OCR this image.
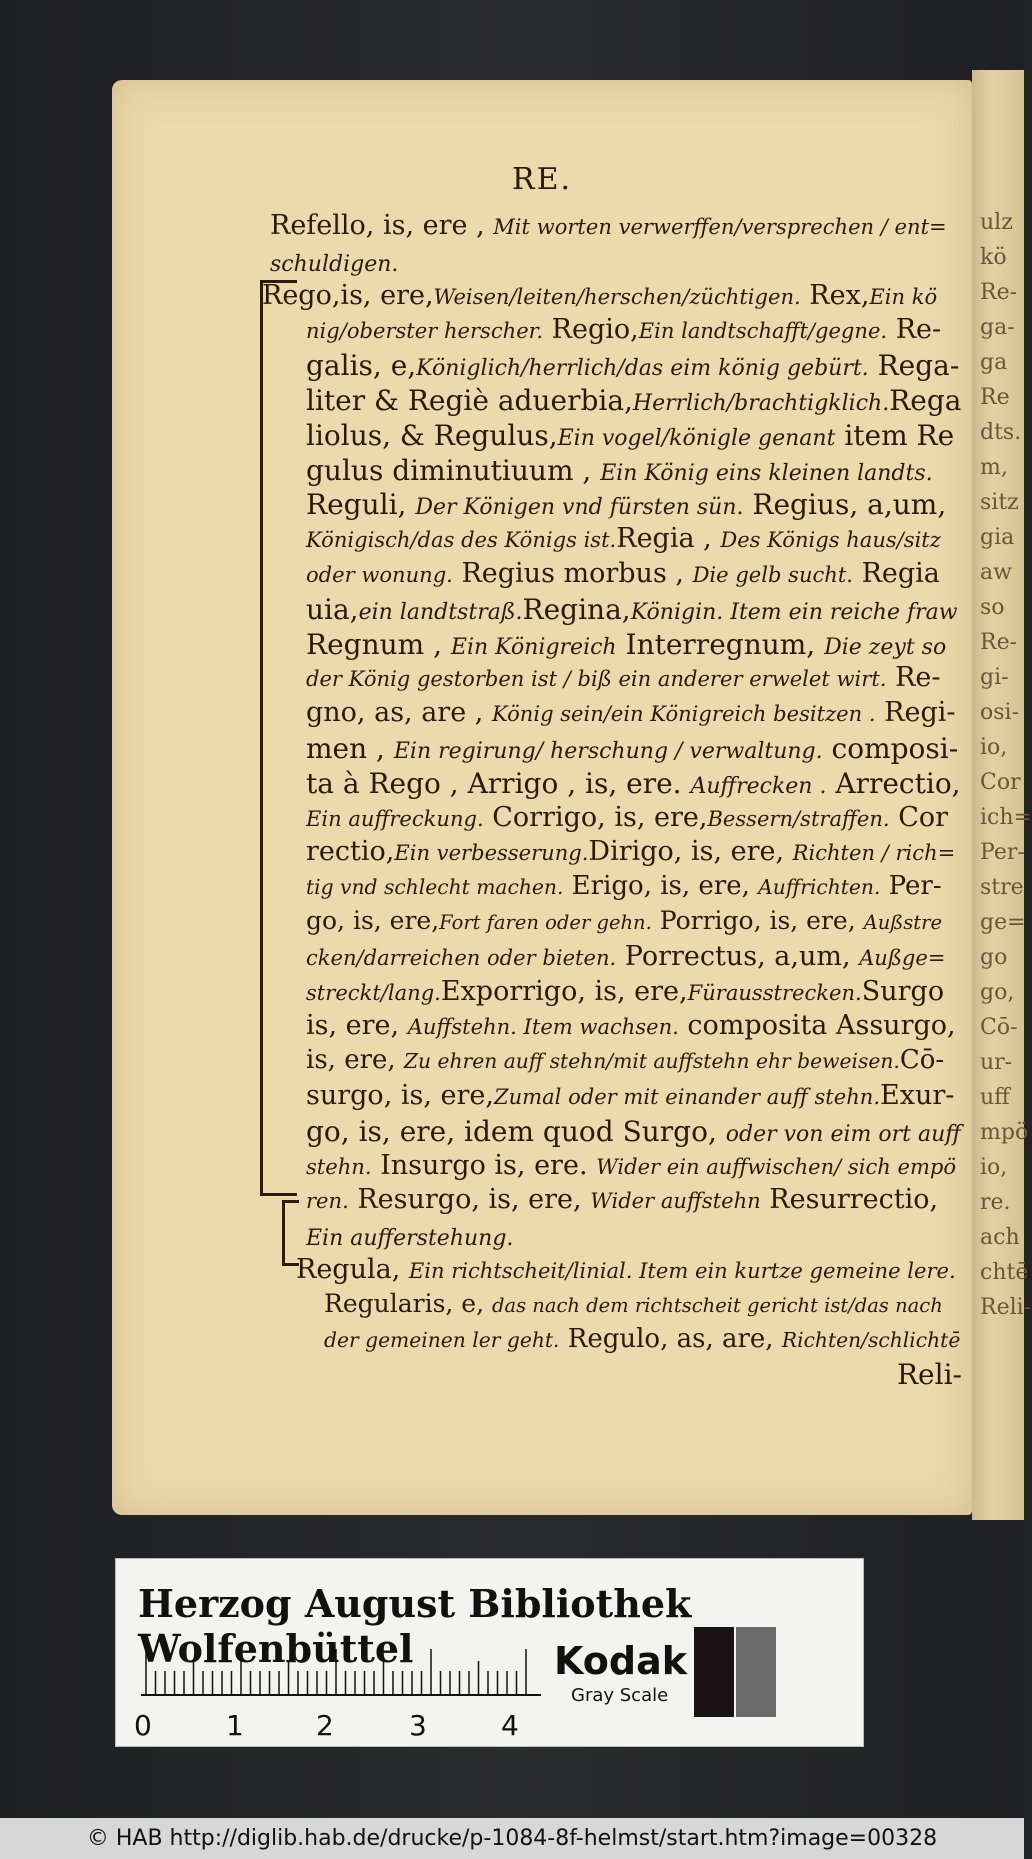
ulz
kö
Re-
ga-
ga
Re
dts.
m,
sitz
gia
aw
so
Re-
gi-
osi-
io,
Cor
ich=
Per-
stre
ge=
go
go,
Cō-
ur-
uff
mpö
io,
re.
ach
chtē
Reli-
RE.
Refello, is, ere , Mit worten verwerffen/versprechen / ent=
schuldigen.
Rego,is, ere,Weisen/leiten/herschen/züchtigen. Rex,Ein kö
nig/oberster herscher. Regio,Ein landtschafft/gegne. Re-
galis, e,Königlich/herrlich/das eim könig gebürt. Rega-
liter & Regiè aduerbia,Herrlich/brachtigklich.Rega
liolus, & Regulus,Ein vogel/königle genant item Re
gulus diminutiuum , Ein König eins kleinen landts.
Reguli, Der Königen vnd fürsten sün. Regius, a,um,
Königisch/das des Königs ist.Regia , Des Königs haus/sitz
oder wonung. Regius morbus , Die gelb sucht. Regia
uia,ein landtstraß.Regina,Königin. Item ein reiche fraw
Regnum , Ein Königreich Interregnum, Die zeyt so
der König gestorben ist / biß ein anderer erwelet wirt. Re-
gno, as, are , König sein/ein Königreich besitzen . Regi-
men , Ein regirung/ herschung / verwaltung. composi-
ta à Rego , Arrigo , is, ere. Auffrecken . Arrectio,
Ein auffreckung. Corrigo, is, ere,Bessern/straffen. Cor
rectio,Ein verbesserung.Dirigo, is, ere, Richten / rich=
tig vnd schlecht machen. Erigo, is, ere, Auffrichten. Per-
go, is, ere,Fort faren oder gehn. Porrigo, is, ere, Außstre
cken/darreichen oder bieten. Porrectus, a,um, Außge=
streckt/lang.Exporrigo, is, ere,Fürausstrecken.Surgo
is, ere, Auffstehn. Item wachsen. composita Assurgo,
is, ere, Zu ehren auff stehn/mit auffstehn ehr beweisen.Cō-
surgo, is, ere,Zumal oder mit einander auff stehn.Exur-
go, is, ere, idem quod Surgo, oder von eim ort auff
stehn. Insurgo is, ere. Wider ein auffwischen/ sich empö
ren. Resurgo, is, ere, Wider auffstehn Resurrectio,
Ein aufferstehung.
Regula, Ein richtscheit/linial. Item ein kurtze gemeine lere.
Regularis, e, das nach dem richtscheit gericht ist/das nach
der gemeinen ler geht. Regulo, as, are, Richten/schlichtē
Reli-
Herzog August Bibliothek Wolfenbüttel
0	1	2	3	4
Kodak
Gray Scale
© HAB http://diglib.hab.de/drucke/p-1084-8f-helmst/start.htm?image=00328
